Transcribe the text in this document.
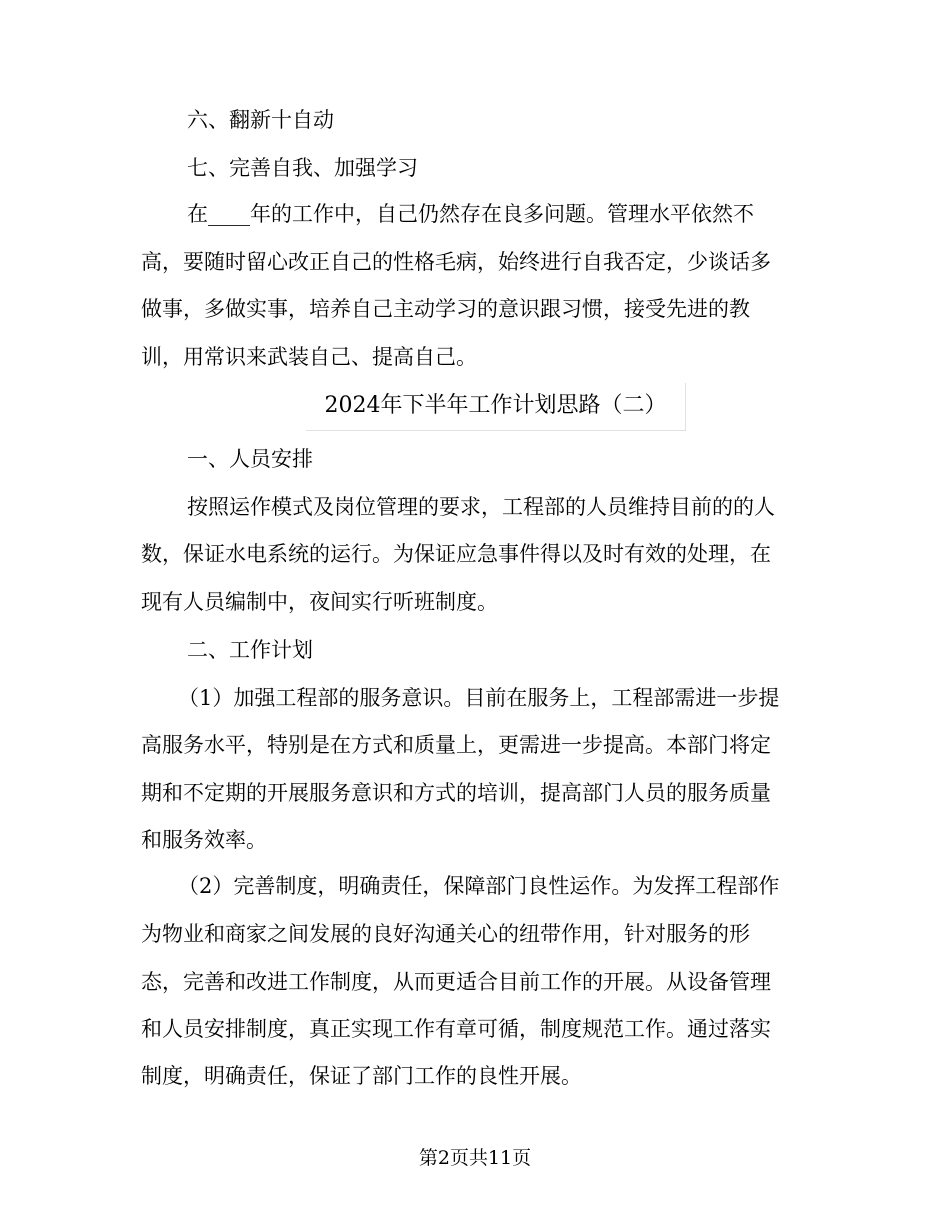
六、翻新十自动
七、完善自我、加强学习
在____年的工作中，自己仍然存在良多问题。管理水平依然不
高，要随时留心改正自己的性格毛病，始终进行自我否定，少谈话多
做事，多做实事，培养自己主动学习的意识跟习惯，接受先进的教
训，用常识来武装自己、提高自己。
2024年下半年工作计划思路（二）
一、人员安排
按照运作模式及岗位管理的要求，工程部的人员维持目前的的人
数，保证水电系统的运行。为保证应急事件得以及时有效的处理，在
现有人员编制中，夜间实行听班制度。
二、工作计划
（1）加强工程部的服务意识。目前在服务上，工程部需进一步提
高服务水平，特别是在方式和质量上，更需进一步提高。本部门将定
期和不定期的开展服务意识和方式的培训，提高部门人员的服务质量
和服务效率。
（2）完善制度，明确责任，保障部门良性运作。为发挥工程部作
为物业和商家之间发展的良好沟通关心的纽带作用，针对服务的形
态，完善和改进工作制度，从而更适合目前工作的开展。从设备管理
和人员安排制度，真正实现工作有章可循，制度规范工作。通过落实
制度，明确责任，保证了部门工作的良性开展。
第2页共11页
